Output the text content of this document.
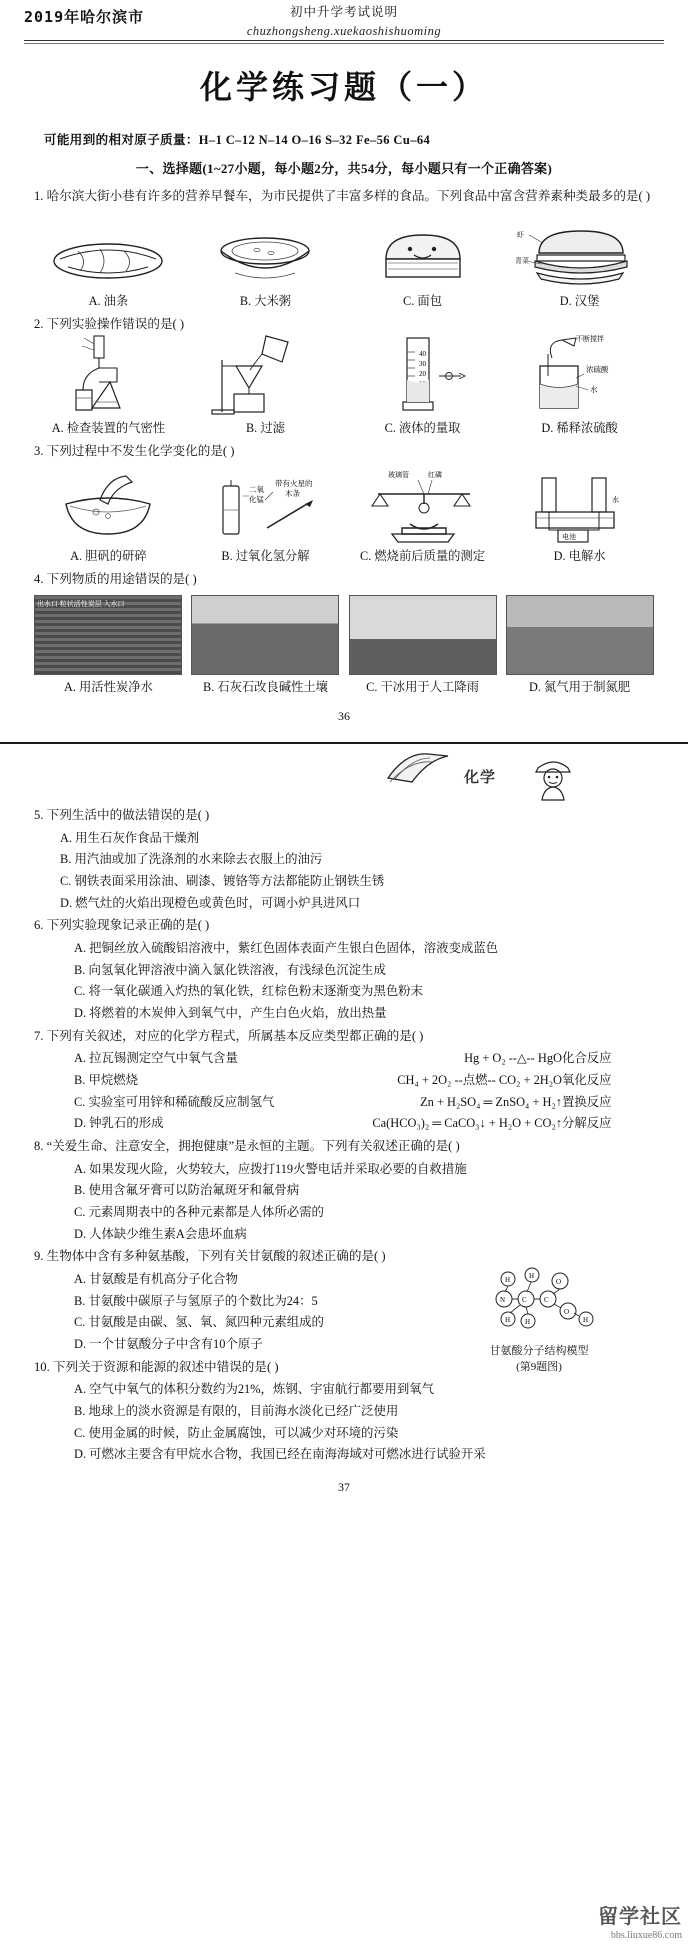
2019年哈尔滨市	初中升学考试说明
chuzhongsheng.xuekaoshishuoming
化学练习题（一）
可能用到的相对原子质量：H–1 C–12 N–14 O–16 S–32 Fe–56 Cu–64
一、选择题(1~27小题，每小题2分，共54分，每小题只有一个正确答案)
1. 哈尔滨大街小巷有许多的营养早餐车，为市民提供了丰富多样的食品。下列食品中富含营养素种类最多的是( )
虾
青菜
A. 油条	B. 大米粥	C. 面包	D. 汉堡
2. 下列实验操作错误的是( )
40
30
20
不断搅拌
浓硫酸
水
A. 检查装置的气密性	B. 过滤	C. 液体的量取	D. 稀释浓硫酸
3. 下列过程中不发生化学变化的是( )
二氧
化锰
带有火星的
木条
玻璃管	红磷
水
电池
A. 胆矾的研碎	B. 过氧化氢分解	C. 燃烧前后质量的测定	D. 电解水
4. 下列物质的用途错误的是( )
出水口 粒状活性炭层 入水口
A. 用活性炭净水	B. 石灰石改良碱性土壤	C. 干冰用于人工降雨	D. 氮气用于制氮肥
36
化学
5. 下列生活中的做法错误的是( )
A. 用生石灰作食品干燥剂
B. 用汽油或加了洗涤剂的水来除去衣服上的油污
C. 钢铁表面采用涂油、刷漆、镀铬等方法都能防止钢铁生锈
D. 燃气灶的火焰出现橙色或黄色时，可调小炉具进风口
6. 下列实验现象记录正确的是( )
A. 把铜丝放入硫酸铝溶液中，紫红色固体表面产生银白色固体，溶液变成蓝色
B. 向氢氧化钾溶液中滴入氯化铁溶液，有浅绿色沉淀生成
C. 将一氧化碳通入灼热的氧化铁，红棕色粉末逐渐变为黑色粉末
D. 将燃着的木炭伸入到氧气中，产生白色火焰，放出热量
7. 下列有关叙述，对应的化学方程式，所属基本反应类型都正确的是( )
A. 拉瓦锡测定空气中氧气含量	Hg + O₂ --△-- HgO 化合反应
B. 甲烷燃烧	CH₄ + 2O₂ --点燃-- CO₂ + 2H₂O 氧化反应
C. 实验室可用锌和稀硫酸反应制氢气	Zn + H₂SO₄ ═ ZnSO₄ + H₂↑ 置换反应
D. 钟乳石的形成	Ca(HCO₃)₂ ═ CaCO₃↓ + H₂O + CO₂↑ 分解反应
8. “关爱生命、注意安全，拥抱健康”是永恒的主题。下列有关叙述正确的是( )
A. 如果发现火险，火势较大，应拨打119火警电话并采取必要的自救措施
B. 使用含氟牙膏可以防治氟斑牙和氟骨病
C. 元素周期表中的各种元素都是人体所必需的
D. 人体缺少维生素A会患坏血病
9. 生物体中含有多种氨基酸，下列有关甘氨酸的叙述正确的是( )
A. 甘氨酸是有机高分子化合物
B. 甘氨酸中碳原子与氢原子的个数比为24：5
C. 甘氨酸是由碳、氢、氧、氮四种元素组成的
D. 一个甘氨酸分子中含有10个原子
H	H
O
N C C
O
H H	H
甘氨酸分子结构模型
(第9题图)
10. 下列关于资源和能源的叙述中错误的是( )
A. 空气中氧气的体积分数约为21%，炼钢、宇宙航行都要用到氧气
B. 地球上的淡水资源是有限的，目前海水淡化已经广泛使用
C. 使用金属的时候，防止金属腐蚀，可以减少对环境的污染
D. 可燃冰主要含有甲烷水合物，我国已经在南海海域对可燃冰进行试验开采
37
留学社区
bbs.liuxue86.com
